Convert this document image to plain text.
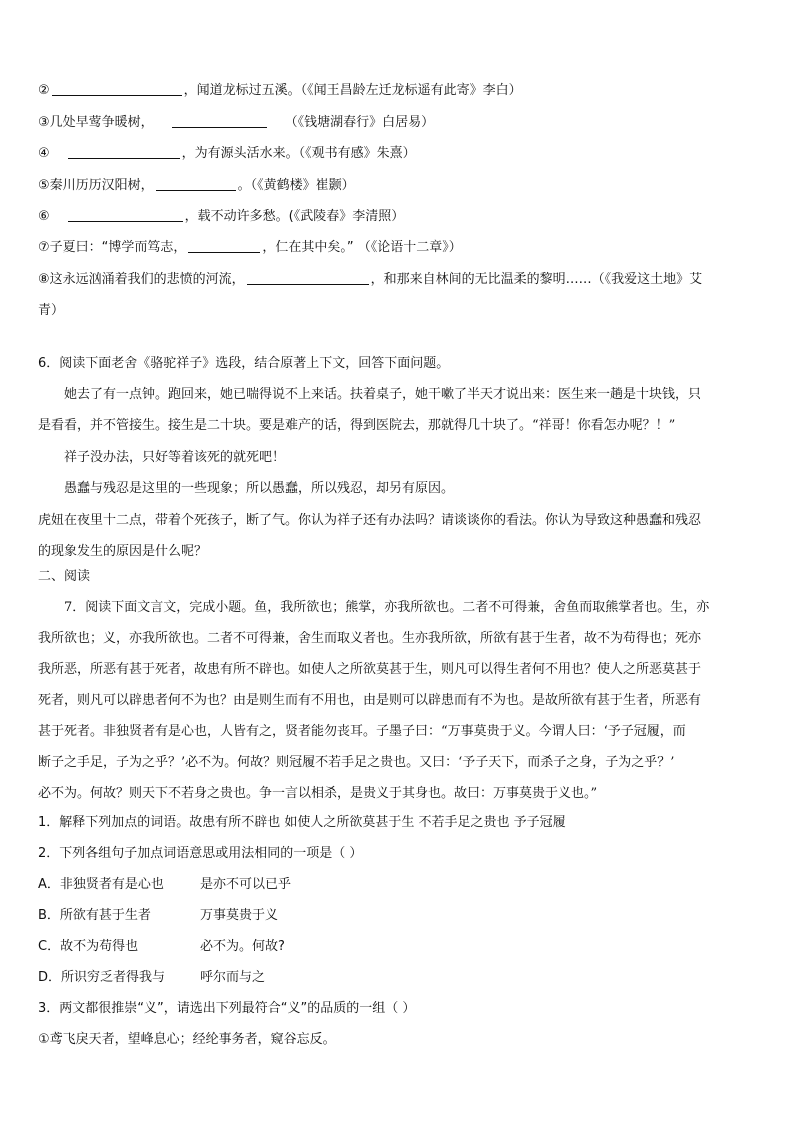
②	，闻道龙标过五溪。（《闻王昌龄左迁龙标遥有此寄》李白）
③几处早莺争暖树，	（《钱塘湖春行》白居易）
④	，为有源头活水来。（《观书有感》朱熹）
⑤秦川历历汉阳树，	。（《黄鹤楼》崔颢）
⑥	，载不动许多愁。(《武陵春》李清照）
⑦子夏曰：“博学而笃志，	，仁在其中矣。” （《论语十二章》）
⑧这永远汹涌着我们的悲愤的河流，	，和那来自林间的无比温柔的黎明……（《我爱这土地》艾
青）
6．阅读下面老舍《骆驼祥子》选段，结合原著上下文，回答下面问题。
她去了有一点钟。跑回来，她已喘得说不上来话。扶着桌子，她干嗽了半天才说出来：医生来一趟是十块钱，只
是看看，并不管接生。接生是二十块。要是难产的话，得到医院去，那就得几十块了。“祥哥！你看怎办呢？！”
祥子没办法，只好等着该死的就死吧！
愚蠢与残忍是这里的一些现象；所以愚蠢，所以残忍，却另有原因。
虎妞在夜里十二点，带着个死孩子，断了气。你认为祥子还有办法吗？请谈谈你的看法。你认为导致这种愚蠢和残忍
的现象发生的原因是什么呢？
二、阅读
7．阅读下面文言文，完成小题。鱼，我所欲也；熊掌，亦我所欲也。二者不可得兼，舍鱼而取熊掌者也。生，亦
我所欲也；义，亦我所欲也。二者不可得兼，舍生而取义者也。生亦我所欲，所欲有甚于生者，故不为苟得也；死亦
我所恶，所恶有甚于死者，故患有所不辟也。如使人之所欲莫甚于生，则凡可以得生者何不用也？使人之所恶莫甚于
死者，则凡可以辟患者何不为也？由是则生而有不用也，由是则可以辟患而有不为也。是故所欲有甚于生者，所恶有
甚于死者。非独贤者有是心也，人皆有之，贤者能勿丧耳。子墨子曰：“万事莫贵于义。今谓人曰：‘予子冠履，而
断子之手足，子为之乎？’必不为。何故？则冠履不若手足之贵也。又曰：‘予子天下，而杀子之身，子为之乎？’
必不为。何故？则天下不若身之贵也。争一言以相杀，是贵义于其身也。故曰：万事莫贵于义也。”
1．解释下列加点的词语。故患有所不辟也 如使人之所欲莫甚于生 不若手足之贵也 予子冠履
2．下列各组句子加点词语意思或用法相同的一项是（ ）
A．非独贤者有是心也	是亦不可以已乎
B．所欲有甚于生者	万事莫贵于义
C．故不为苟得也	必不为。何故?
D．所识穷乏者得我与	呼尔而与之
3．两文都很推崇“义”，请选出下列最符合“义”的品质的一组（ ）
①鸢飞戾天者，望峰息心；经纶事务者，窥谷忘反。
